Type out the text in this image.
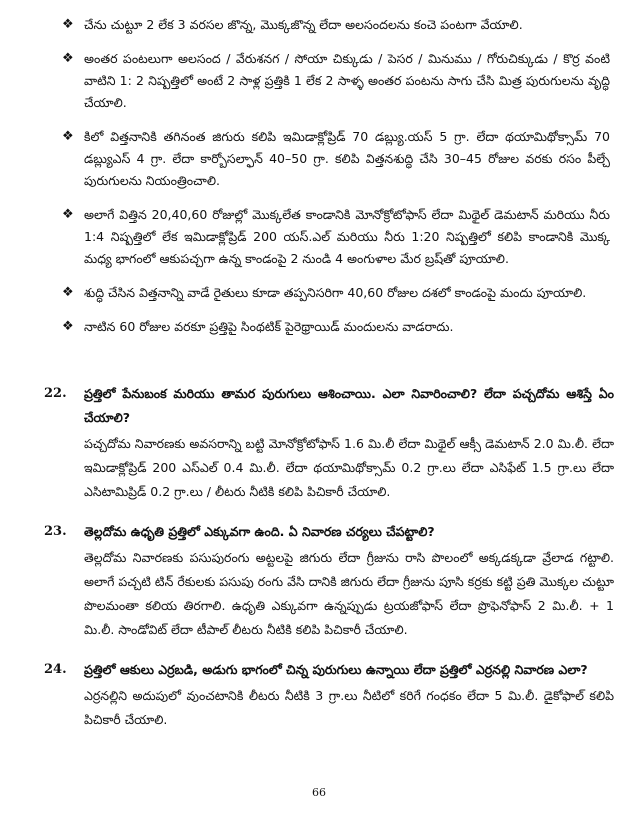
❖ చేను చుట్టూ 2 లేక 3 వరసల జొన్న, మొక్కజొన్న లేదా అలసందలను కంచె పంటగా వేయాలి.
❖ అంతర పంటలుగా అలసంద / వేరుశనగ / సోయా చిక్కుడు / పెసర / మినుము / గోరుచిక్కుడు / కొర్ర వంటి వాటిని 1: 2 నిష్పత్తిలో అంటే 2 సాళ్ల ప్రత్తికి 1 లేక 2 సాళ్ళ అంతర పంటను సాగు చేసి మిత్ర పురుగులను వృద్ధి చేయాలి.
❖ కిలో విత్తనానికి తగినంత జిగురు కలిపి ఇమిడాక్లోప్రిడ్ 70 డబ్ల్యు.యస్ 5 గ్రా. లేదా థయామిథోక్సామ్ 70 డబ్ల్యుఎస్ 4 గ్రా. లేదా కార్బోసల్ఫాన్ 40–50 గ్రా. కలిపి విత్తనశుద్ధి చేసి 30–45 రోజుల వరకు రసం పీల్చే పురుగులను నియంత్రించాలి.
❖ అలాగే విత్తిన 20,40,60 రోజుల్లో మొక్కలేత కాండానికి మోనోక్రోటోఫాస్ లేదా మిథైల్ డెమటాన్ మరియు నీరు 1:4 నిష్పత్తిలో లేక ఇమిడాక్లోప్రిడ్ 200 యస్.ఎల్ మరియు నీరు 1:20 నిష్పత్తిలో కలిపి కాండానికి మొక్క మధ్య భాగంలో ఆకుపచ్చగా ఉన్న కాండంపై 2 నుండి 4 అంగుళాల మేర బ్రష్‌తో పూయాలి.
❖ శుద్ధి చేసిన విత్తనాన్ని వాడే రైతులు కూడా తప్పనిసరిగా 40,60 రోజుల దశలో కాండంపై మందు పూయాలి.
❖ నాటిన 60 రోజుల వరకూ ప్రత్తిపై సింథటిక్ పైరెథ్రాయిడ్ మందులను వాడరాదు.
22.	ప్రత్తిలో పేనుబంక మరియు తామర పురుగులు ఆశించాయి. ఎలా నివారించాలి? లేదా పచ్చదోమ ఆశిస్తే ఏం చేయాలి?
పచ్చదోమ నివారణకు అవసరాన్ని బట్టి మోనోక్రోటోఫాస్ 1.6 మి.లీ లేదా మిథైల్ ఆక్సీ డెమటాన్ 2.0 మి.లీ. లేదా ఇమిడాక్లోప్రిడ్ 200 ఎస్ఎల్ 0.4 మి.లీ. లేదా థయామిథోక్సామ్ 0.2 గ్రా.లు లేదా ఎసిఫేట్ 1.5 గ్రా.లు లేదా ఎసిటామిప్రిడ్ 0.2 గ్రా.లు / లీటరు నీటికి కలిపి పిచికారీ చేయాలి.
23.	తెల్లదోమ ఉధృతి ప్రత్తిలో ఎక్కువగా ఉంది. ఏ నివారణ చర్యలు చేపట్టాలి?
తెల్లదోమ నివారణకు పసుపురంగు అట్టలపై జిగురు లేదా గ్రీజును రాసి పొలంలో అక్కడక్కడా వ్రేలాడ గట్టాలి. అలాగే పచ్చటి టిన్ రేకులకు పసుపు రంగు వేసి దానికి జిగురు లేదా గ్రీజును పూసి కర్రకు కట్టి ప్రతి మొక్కల చుట్టూ పొలమంతా కలియ తిరగాలి. ఉధృతి ఎక్కువగా ఉన్నప్పుడు ట్రయజోఫాస్ లేదా ప్రొఫెనోఫాస్ 2 మి.లీ. + 1 మి.లీ. సాండోవిట్ లేదా టీపాల్ లీటరు నీటికి కలిపి పిచికారీ చేయాలి.
24.	ప్రత్తిలో ఆకులు ఎర్రబడి, అడుగు భాగంలో చిన్న పురుగులు ఉన్నాయి లేదా ప్రత్తిలో ఎర్రనల్లి నివారణ ఎలా?
ఎర్రనల్లిని అదుపులో వుంచటానికి లీటరు నీటికి 3 గ్రా.లు నీటిలో కరిగే గంధకం లేదా 5 మి.లీ. డైకోఫాల్ కలిపి పిచికారీ చేయాలి.
66
